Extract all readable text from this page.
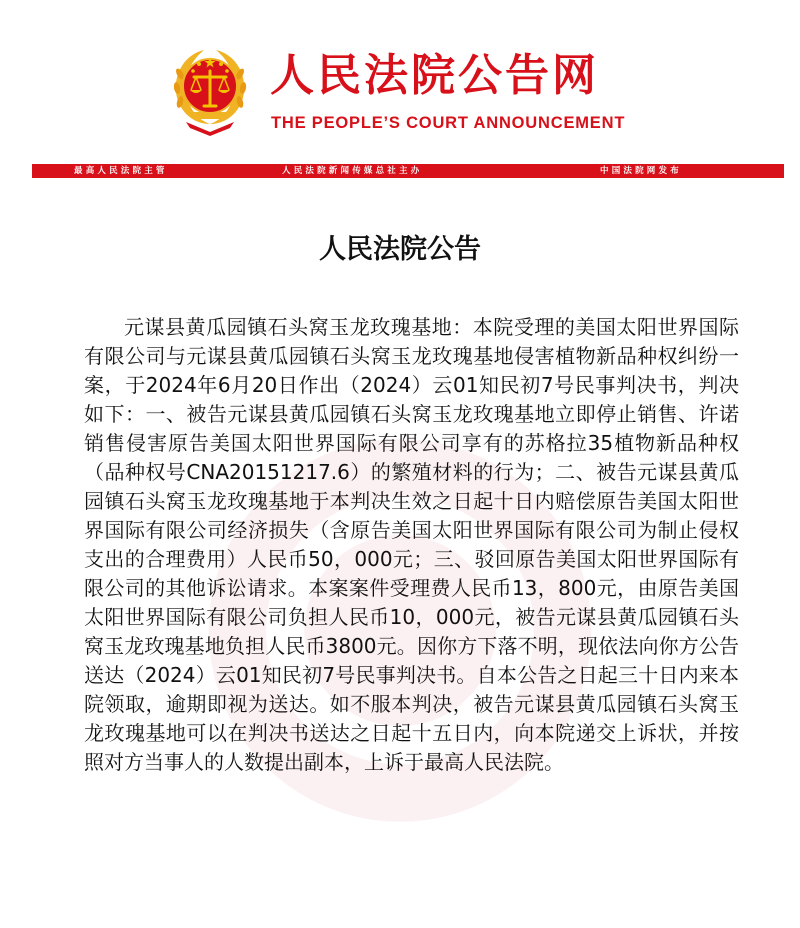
人民法院公告网
THE PEOPLE’S COURT ANNOUNCEMENT
最高人民法院主管	人民法院新闻传媒总社主办	中国法院网发布
人民法院公告

元谋县黄瓜园镇石头窝玉龙玫瑰基地：本院受理的美国太阳世界国际有限公司与元谋县黄瓜园镇石头窝玉龙玫瑰基地侵害植物新品种权纠纷一案，于2024年6月20日作出（2024）云01知民初7号民事判决书，判决如下：一、被告元谋县黄瓜园镇石头窝玉龙玫瑰基地立即停止销售、许诺销售侵害原告美国太阳世界国际有限公司享有的苏格拉35植物新品种权（品种权号CNA20151217.6）的繁殖材料的行为；二、被告元谋县黄瓜园镇石头窝玉龙玫瑰基地于本判决生效之日起十日内赔偿原告美国太阳世界国际有限公司经济损失（含原告美国太阳世界国际有限公司为制止侵权支出的合理费用）人民币50，000元；三、驳回原告美国太阳世界国际有限公司的其他诉讼请求。本案案件受理费人民币13，800元，由原告美国太阳世界国际有限公司负担人民币10，000元，被告元谋县黄瓜园镇石头窝玉龙玫瑰基地负担人民币3800元。因你方下落不明，现依法向你方公告送达（2024）云01知民初7号民事判决书。自本公告之日起三十日内来本院领取，逾期即视为送达。如不服本判决，被告元谋县黄瓜园镇石头窝玉龙玫瑰基地可以在判决书送达之日起十五日内，向本院递交上诉状，并按照对方当事人的人数提出副本，上诉于最高人民法院。
